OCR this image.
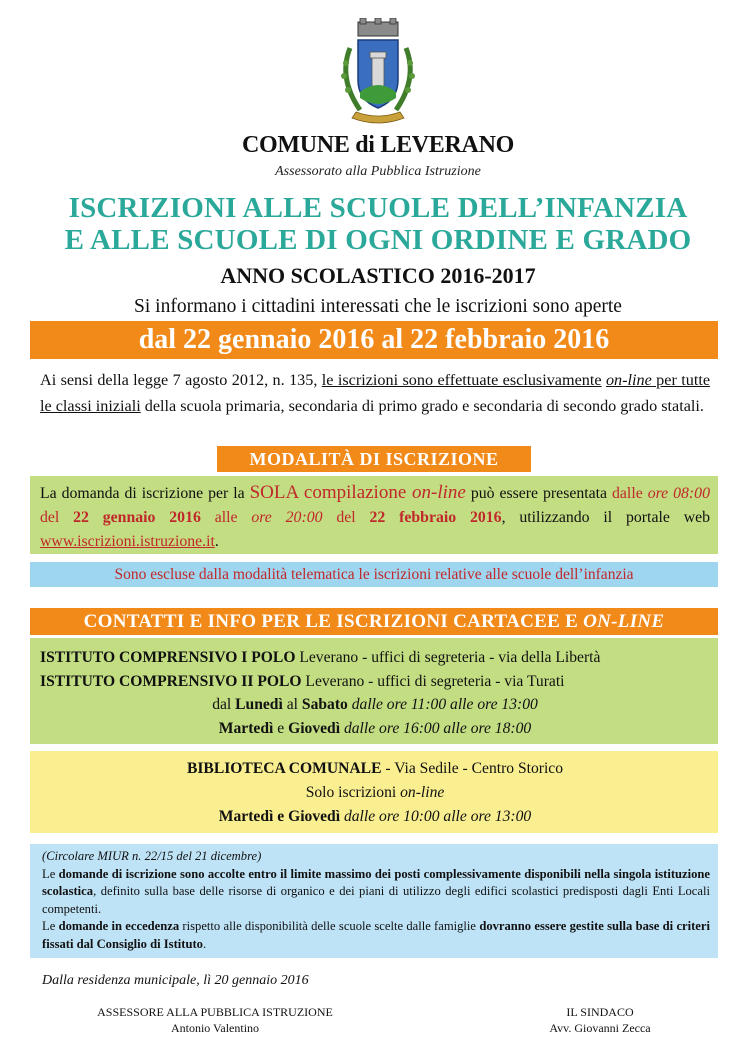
COMUNE di LEVERANO
Assessorato alla Pubblica Istruzione
ISCRIZIONI ALLE SCUOLE DELL’INFANZIA
E ALLE SCUOLE DI OGNI ORDINE E GRADO
ANNO SCOLASTICO 2016-2017
Si informano i cittadini interessati che le iscrizioni sono aperte
dal 22 gennaio 2016 al 22 febbraio 2016
Ai sensi della legge 7 agosto 2012, n. 135, le iscrizioni sono effettuate esclusivamente on-line per tutte le classi iniziali della scuola primaria, secondaria di primo grado e secondaria di secondo grado statali.
MODALITÀ DI ISCRIZIONE
La domanda di iscrizione per la SOLA compilazione on-line può essere presentata dalle ore 08:00 del 22 gennaio 2016 alle ore 20:00 del 22 febbraio 2016, utilizzando il portale web www.iscrizioni.istruzione.it.
Sono escluse dalla modalità telematica le iscrizioni relative alle scuole dell’infanzia
CONTATTI E INFO PER LE ISCRIZIONI CARTACEE E ON-LINE
ISTITUTO COMPRENSIVO I POLO Leverano - uffici di segreteria - via della Libertà
ISTITUTO COMPRENSIVO II POLO Leverano - uffici di segreteria - via Turati
dal Lunedì al Sabato dalle ore 11:00 alle ore 13:00
Martedì e Giovedì dalle ore 16:00 alle ore 18:00
BIBLIOTECA COMUNALE - Via Sedile - Centro Storico
Solo iscrizioni on-line
Martedì e Giovedì dalle ore 10:00 alle ore 13:00
(Circolare MIUR n. 22/15 del 21 dicembre)
Le domande di iscrizione sono accolte entro il limite massimo dei posti complessivamente disponibili nella singola istituzione scolastica, definito sulla base delle risorse di organico e dei piani di utilizzo degli edifici scolastici predisposti dagli Enti Locali competenti.
Le domande in eccedenza rispetto alle disponibilità delle scuole scelte dalle famiglie dovranno essere gestite sulla base di criteri fissati dal Consiglio di Istituto.
Dalla residenza municipale, lì 20 gennaio 2016
ASSESSORE ALLA PUBBLICA ISTRUZIONE
Antonio Valentino
IL SINDACO
Avv. Giovanni Zecca
